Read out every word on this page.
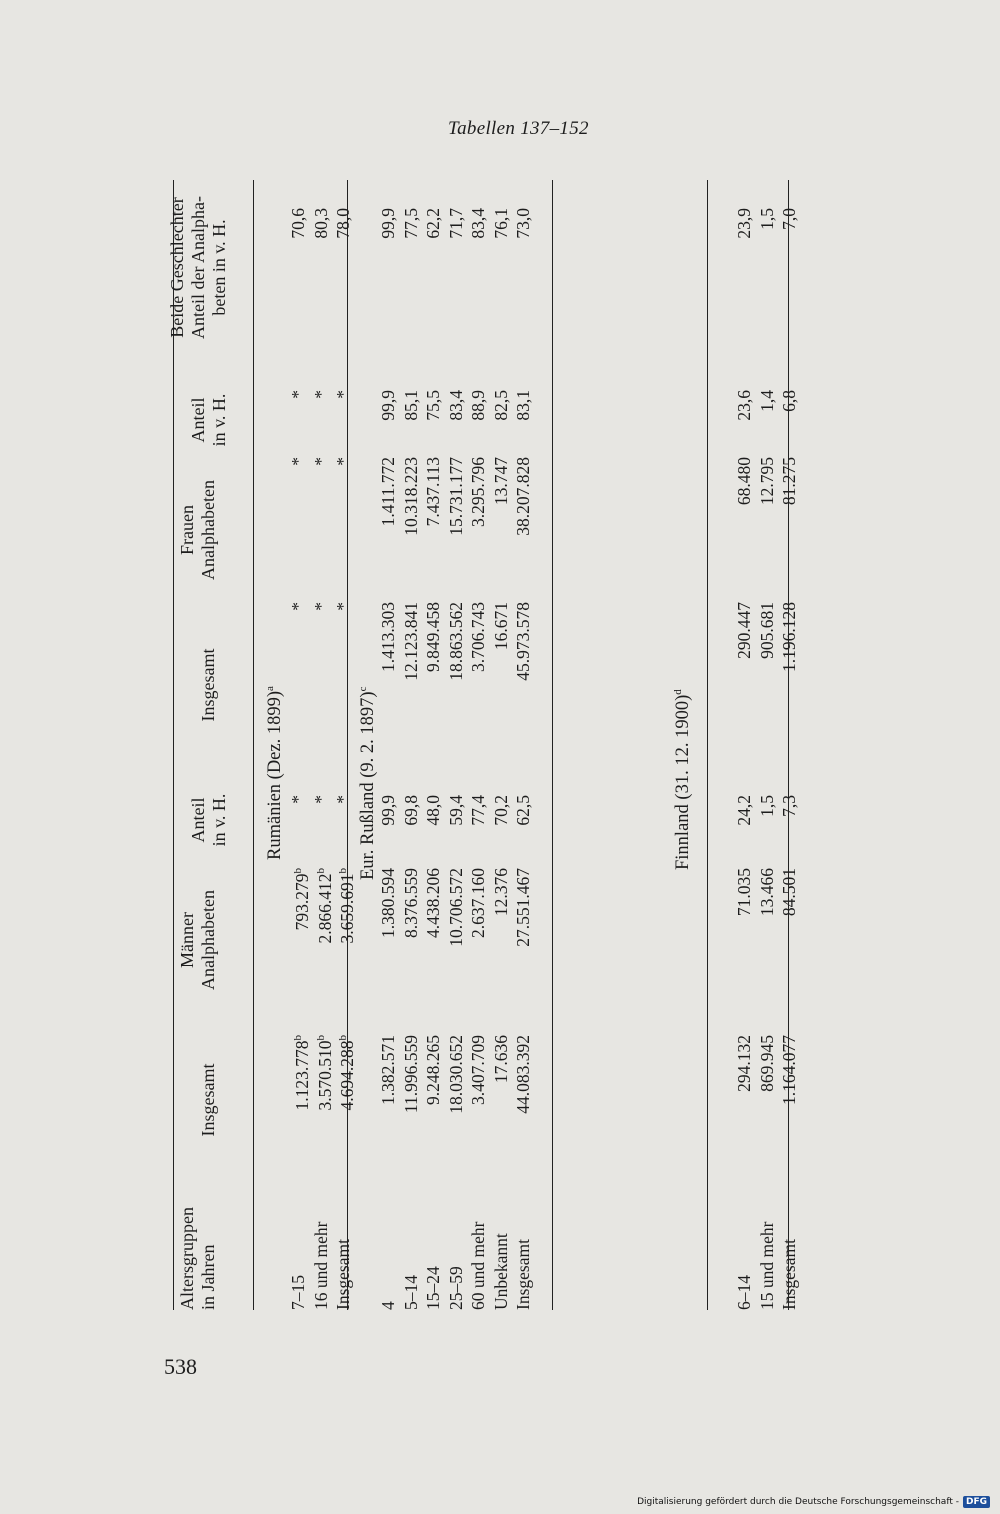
Tabellen 137–152
538
Altersgruppen in Jahren
Insgesamt
Männer Analphabeten
Anteil in v. H.
Insgesamt
Frauen Analphabeten
Anteil in v. H.
Beide Geschlechter Anteil der Analpha- beten in v. H.
Rumänien (Dez. 1899)$^a$
Eur. Rußland (9. 2. 1897)$^c$
Finnland (31. 12. 1900)$^d$
7–15
1.123.778$^b$
793.279$^b$
*
*
*
*
70,6
16 und mehr
3.570.510$^b$
2.866.412$^b$
*
*
*
*
80,3
Insgesamt
4.694.288$^b$
3.659.691$^b$
*
*
*
*
78,0
4
1.382.571
1.380.594
99,9
1.413.303
1.411.772
99,9
99,9
5–14
11.996.559
8.376.559
69,8
12.123.841
10.318.223
85,1
77,5
15–24
9.248.265
4.438.206
48,0
9.849.458
7.437.113
75,5
62,2
25–59
18.030.652
10.706.572
59,4
18.863.562
15.731.177
83,4
71,7
60 und mehr
3.407.709
2.637.160
77,4
3.706.743
3.295.796
88,9
83,4
Unbekannt
17.636
12.376
70,2
16.671
13.747
82,5
76,1
Insgesamt
44.083.392
27.551.467
62,5
45.973.578
38.207.828
83,1
73,0
6–14
294.132
71.035
24,2
290.447
68.480
23,6
23,9
15 und mehr
869.945
13.466
1,5
905.681
12.795
1,4
1,5
Insgesamt
1.164.077
84.501
7,3
1.196.128
81.275
6,8
7,0
Digitalisierung gefördert durch die Deutsche Forschungsgemeinschaft - DFG
